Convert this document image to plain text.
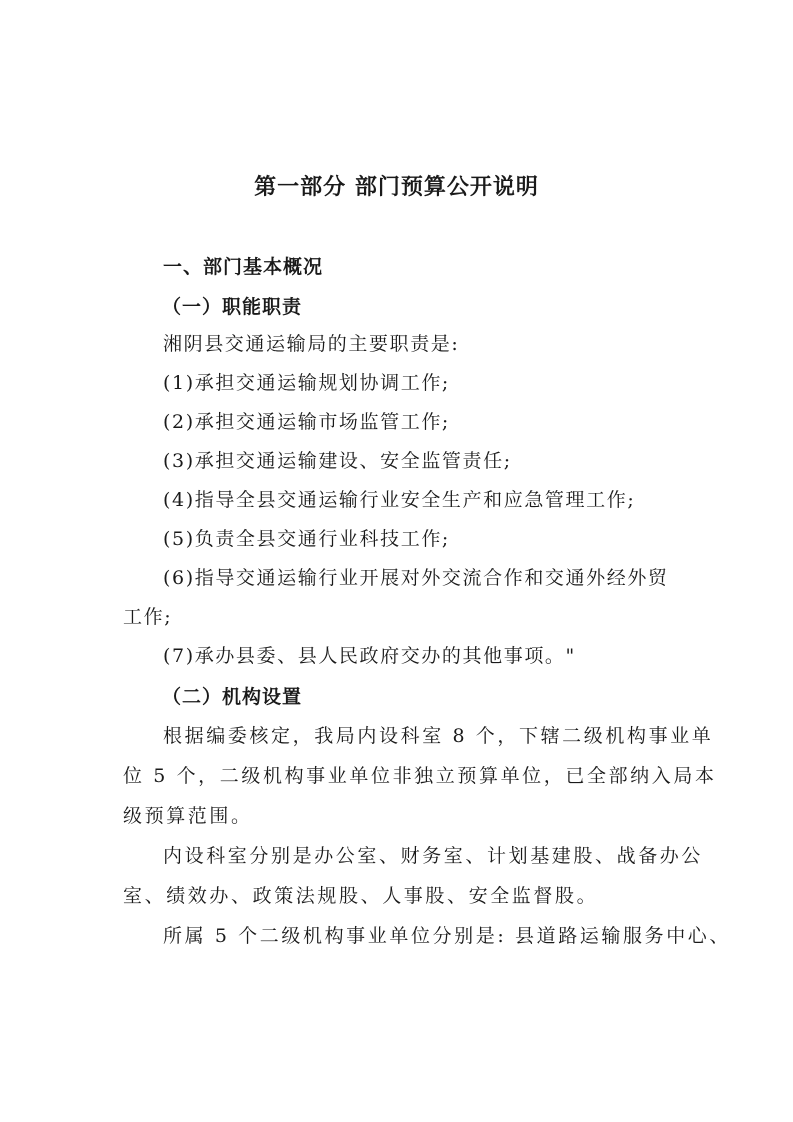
第一部分 部门预算公开说明
一、部门基本概况
（一）职能职责

湘阴县交通运输局的主要职责是:

(1)承担交通运输规划协调工作;

(2)承担交通运输市场监管工作;

(3)承担交通运输建设、安全监管责任;

(4)指导全县交通运输行业安全生产和应急管理工作;

(5)负责全县交通行业科技工作;

(6)指导交通运输行业开展对外交流合作和交通外经外贸

工作;

(7)承办县委、县人民政府交办的其他事项。"

（二）机构设置

根据编委核定，我局内设科室 8 个，下辖二级机构事业单

位 5 个，二级机构事业单位非独立预算单位，已全部纳入局本

级预算范围。

内设科室分别是办公室、财务室、计划基建股、战备办公

室、绩效办、政策法规股、人事股、安全监督股。

所属 5 个二级机构事业单位分别是: 县道路运输服务中心、
